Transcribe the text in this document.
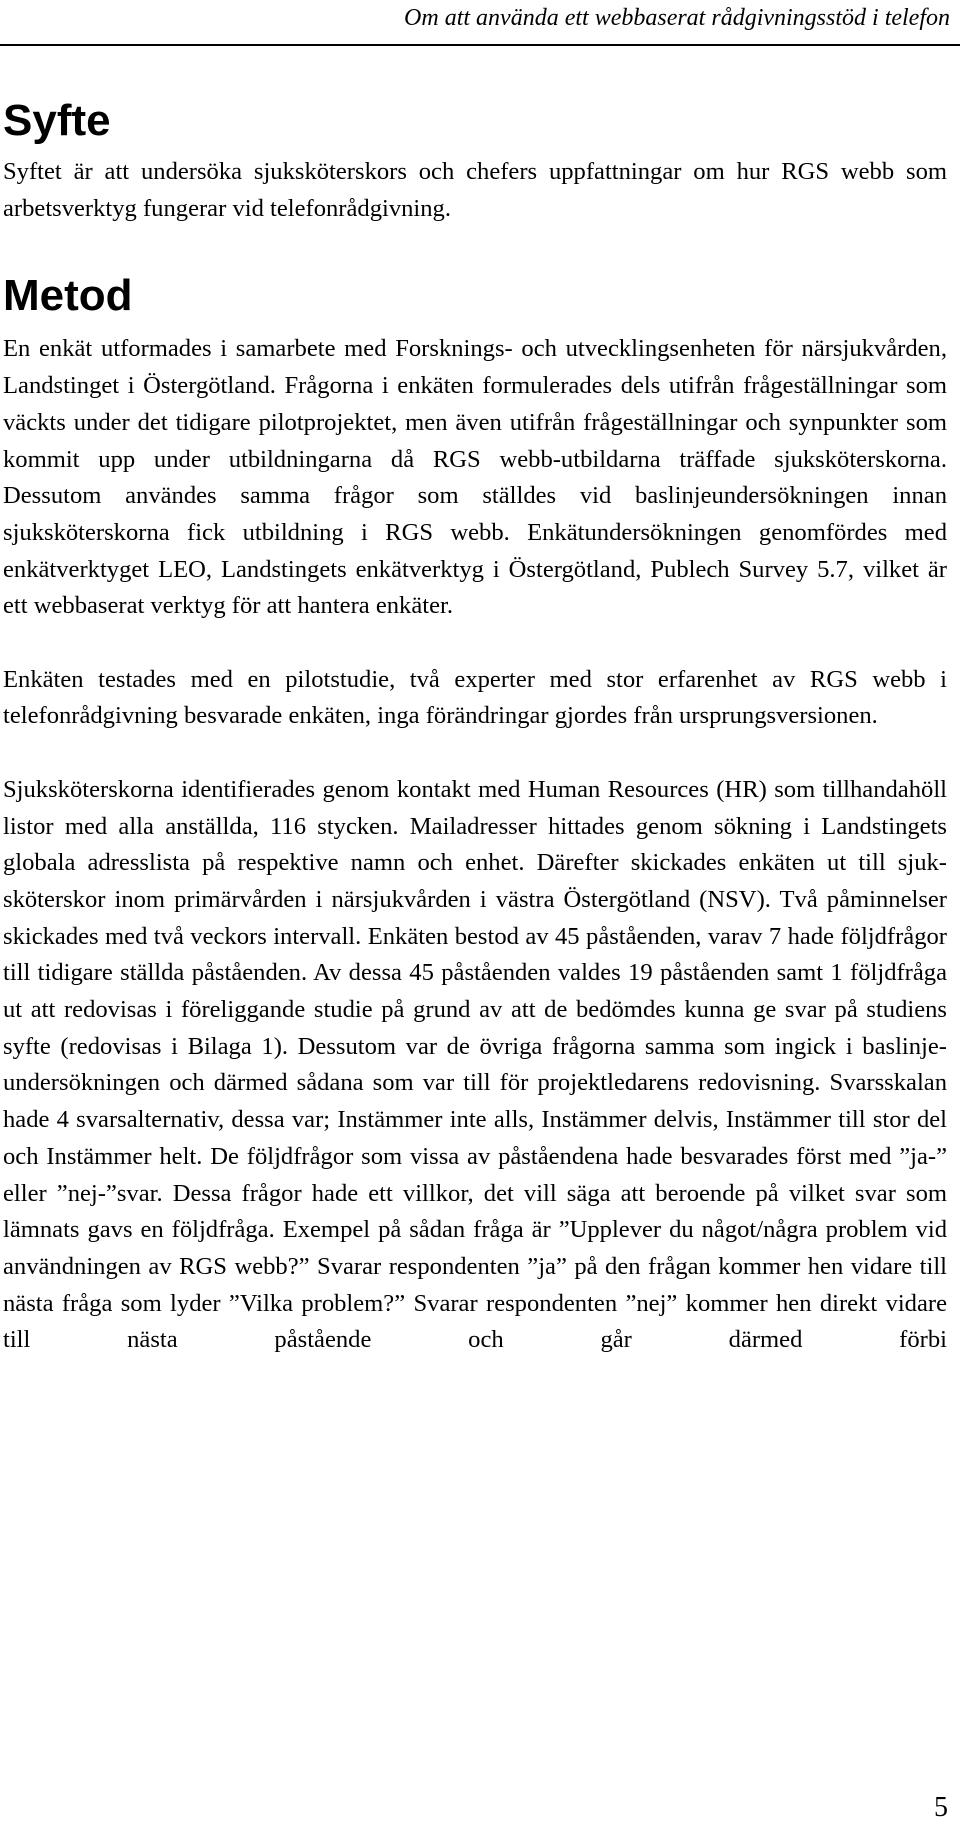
Om att använda ett webbaserat rådgivningsstöd i telefon
Syfte

Syftet är att undersöka sjuksköterskors och chefers uppfattningar om hur RGS webb som arbetsverktyg fungerar vid telefonrådgivning.

Metod

En enkät utformades i samarbete med Forsknings- och utvecklingsenheten för närsjukvården, Landstinget i Östergötland. Frågorna i enkäten formulerades dels utifrån frågeställningar som väckts under det tidigare pilotprojektet, men även utifrån frågeställningar och synpunkter som kommit upp under utbildningarna då RGS webb-utbildarna träffade sjuksköterskorna. Dessutom användes samma frågor som ställdes vid baslinjeundersökningen innan sjuksköterskorna fick utbildning i RGS webb. Enkätundersökningen genomfördes med enkätverktyget LEO, Landstingets enkätverktyg i Östergötland, Publech Survey 5.7, vilket är ett webbaserat verktyg för att hantera enkäter.

Enkäten testades med en pilotstudie, två experter med stor erfarenhet av RGS webb i telefonrådgivning besvarade enkäten, inga förändringar gjordes från ursprungsversionen.

Sjuksköterskorna identifierades genom kontakt med Human Resources (HR) som tillhandahöll listor med alla anställda, 116 stycken. Mailadresser hittades genom sökning i Landstingets globala adresslista på respektive namn och enhet. Därefter skickades enkäten ut till sjuksköterskor inom primärvården i närsjukvården i västra Östergötland (NSV). Två påminnelser skickades med två veckors intervall. Enkäten bestod av 45 påståenden, varav 7 hade följdfrågor till tidigare ställda påståenden. Av dessa 45 påståenden valdes 19 påståenden samt 1 följdfråga ut att redovisas i föreliggande studie på grund av att de bedömdes kunna ge svar på studiens syfte (redovisas i Bilaga 1). Dessutom var de övriga frågorna samma som ingick i baslinjeundersökningen och därmed sådana som var till för projektledarens redovisning. Svarsskalan hade 4 svarsalternativ, dessa var; Instämmer inte alls, Instämmer delvis, Instämmer till stor del och Instämmer helt. De följdfrågor som vissa av påståendena hade besvarades först med ”ja-” eller ”nej-”svar. Dessa frågor hade ett villkor, det vill säga att beroende på vilket svar som lämnats gavs en följdfråga. Exempel på sådan fråga är ”Upplever du något/några problem vid användningen av RGS webb?” Svarar respondenten ”ja” på den frågan kommer hen vidare till nästa fråga som lyder ”Vilka problem?” Svarar respondenten ”nej” kommer hen direkt vidare till nästa påstående och går därmed förbi

5
